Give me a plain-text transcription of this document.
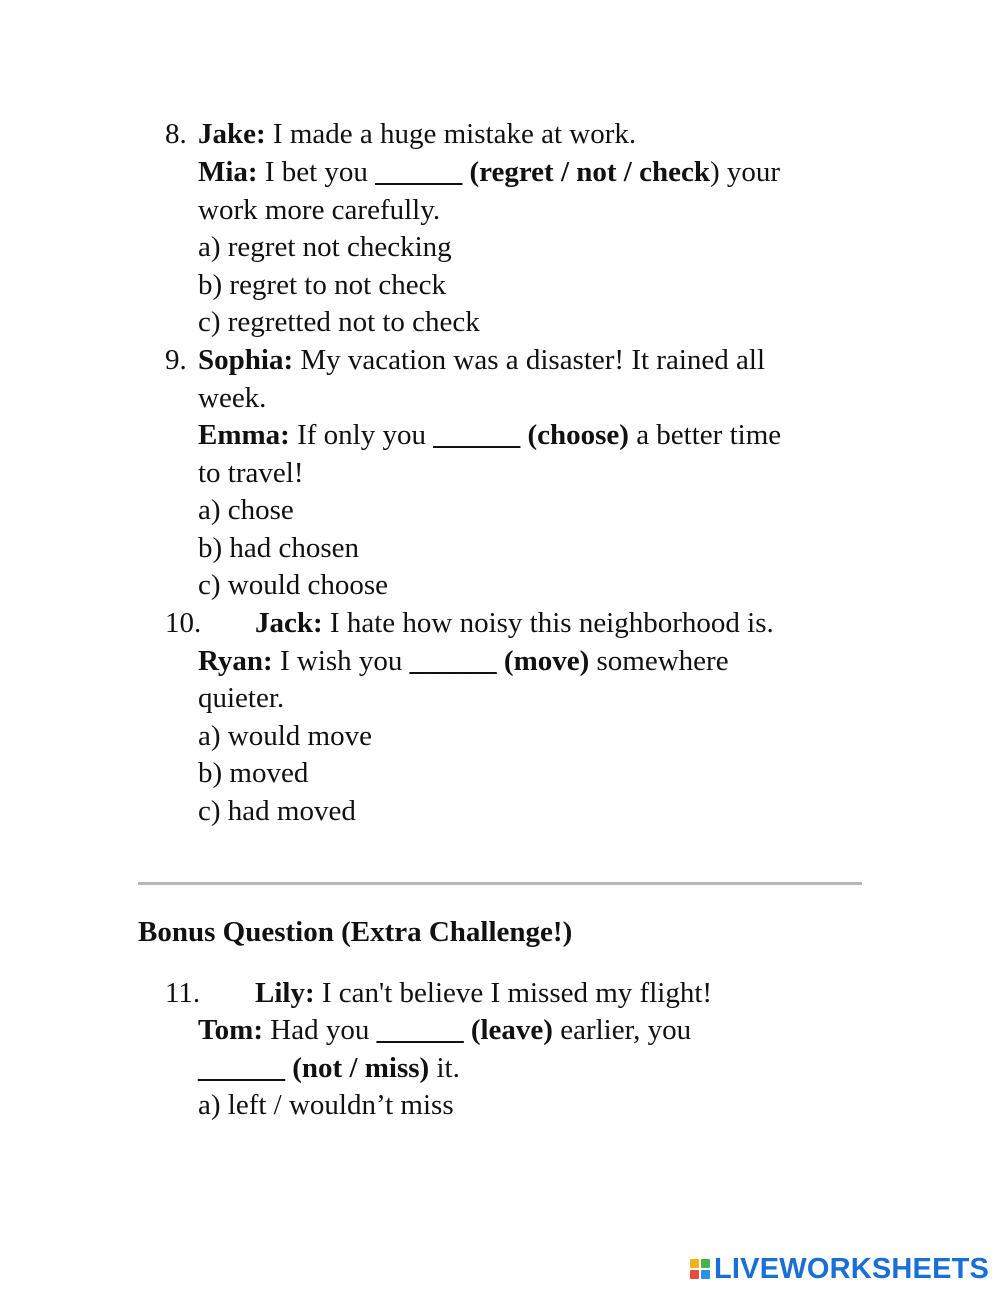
8. Jake: I made a huge mistake at work.
Mia: I bet you ______ (regret / not / check) your
work more carefully.
a) regret not checking
b) regret to not check
c) regretted not to check
9. Sophia: My vacation was a disaster! It rained all
week.
Emma: If only you ______ (choose) a better time
to travel!
a) chose
b) had chosen
c) would choose
10. Jack: I hate how noisy this neighborhood is.
Ryan: I wish you ______ (move) somewhere
quieter.
a) would move
b) moved
c) had moved
Bonus Question (Extra Challenge!)
11. Lily: I can't believe I missed my flight!
Tom: Had you ______ (leave) earlier, you
______ (not / miss) it.
a) left / wouldn’t miss
LIVEWORKSHEETS
